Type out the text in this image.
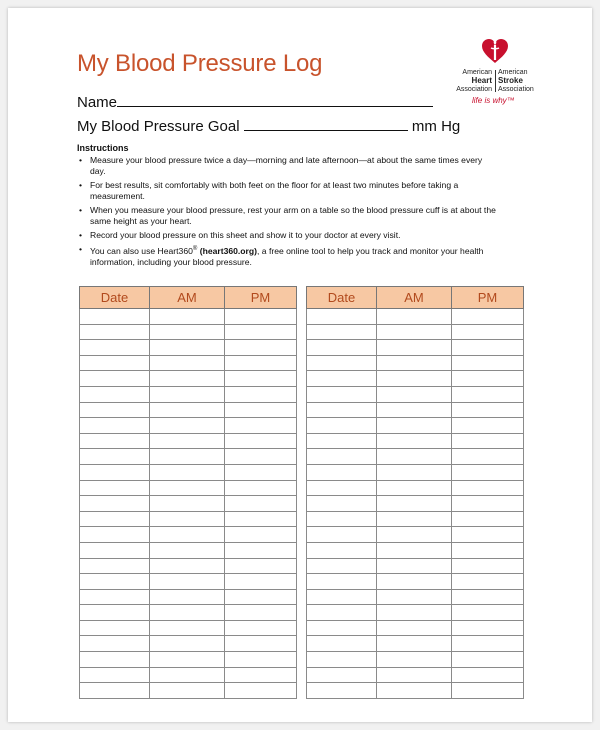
My Blood Pressure Log	American
Heart
Association
American
Stroke
Association
life is why™
Name
My Blood Pressure Goal	mm Hg
Instructions
• Measure your blood pressure twice a day—morning and late afternoon—at about the same times every day.
• For best results, sit comfortably with both feet on the floor for at least two minutes before taking a measurement.
• When you measure your blood pressure, rest your arm on a table so the blood pressure cuff is at about the same height as your heart.
• Record your blood pressure on this sheet and show it to your doctor at every visit.
• You can also use Heart360® (heart360.org), a free online tool to help you track and monitor your health information, including your blood pressure.
Date	AM	PM

			Date	AM	PM
